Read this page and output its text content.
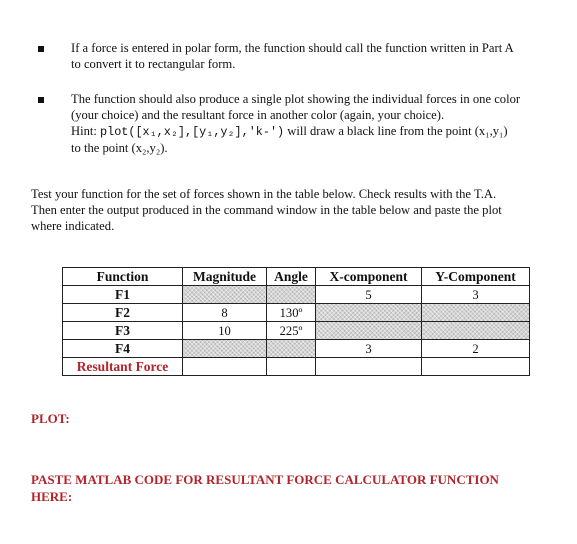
If a force is entered in polar form, the function should call the function written in Part A
to convert it to rectangular form.
The function should also produce a single plot showing the individual forces in one color
(your choice) and the resultant force in another color (again, your choice).
Hint: plot([x₁,x₂],[y₁,y₂],'k-') will draw a black line from the point (x₁,y₁)
to the point (x₂,y₂).
Test your function for the set of forces shown in the table below. Check results with the T.A.
Then enter the output produced in the command window in the table below and paste the plot
where indicated.
Function	Magnitude	Angle	X-component	Y-Component
F1			5	3
F2	8	130º		
F3	10	225º		
F4			3	2
Resultant Force				
PLOT:
PASTE MATLAB CODE FOR RESULTANT FORCE CALCULATOR FUNCTION
HERE:
